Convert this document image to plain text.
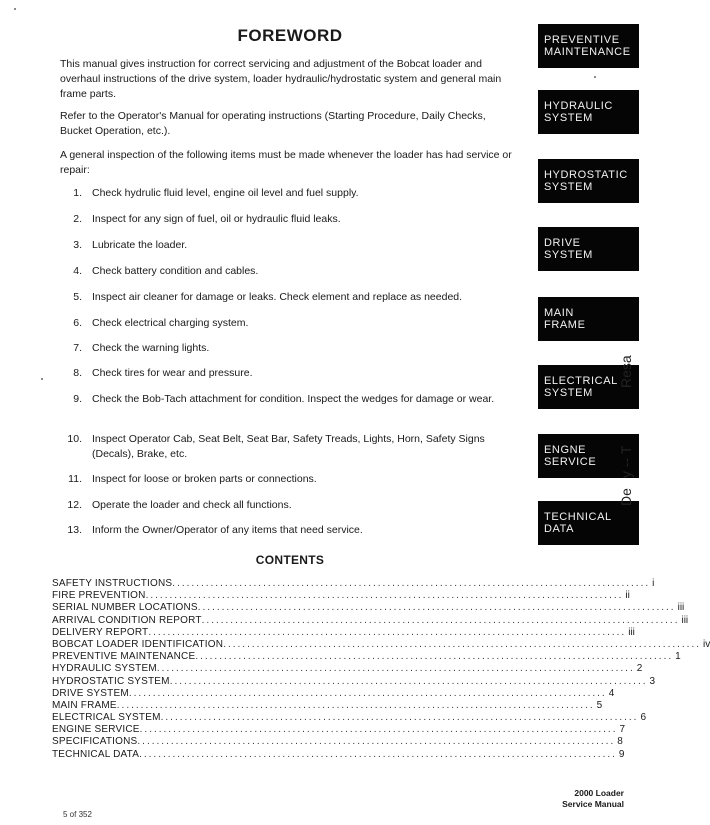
FOREWORD

This manual gives instruction for correct servicing and adjustment of the Bobcat loader and overhaul instructions of the drive system, loader hydraulic/hydrostatic system and general main frame parts.

Refer to the Operator's Manual for operating instructions (Starting Procedure, Daily Checks, Bucket Operation, etc.).

A general inspection of the following items must be made whenever the loader has had service or repair:

1. Check hydrulic fluid level, engine oil level and fuel supply.
2. Inspect for any sign of fuel, oil or hydraulic fluid leaks.
3. Lubricate the loader.
4. Check battery condition and cables.
5. Inspect air cleaner for damage or leaks. Check element and replace as needed.
6. Check electrical charging system.
7. Check the warning lights.
8. Check tires for wear and pressure.
9. Check the Bob-Tach attachment for condition. Inspect the wedges for damage or wear.
10. Inspect Operator Cab, Seat Belt, Seat Bar, Safety Treads, Lights, Horn, Safety Signs (Decals), Brake, etc.
11. Inspect for loose or broken parts or connections.
12. Operate the loader and check all functions.
13. Inform the Owner/Operator of any items that need service.
CONTENTS
SAFETY INSTRUCTIONS .................................................................................................... i
FIRE PREVENTION .................................................................................................... ii
SERIAL NUMBER LOCATIONS .................................................................................................... iii
ARRIVAL CONDITION REPORT .................................................................................................... iii
DELIVERY REPORT .................................................................................................... iii
BOBCAT LOADER IDENTIFICATION .................................................................................................... iv
PREVENTIVE MAINTENANCE .................................................................................................... 1
HYDRAULIC SYSTEM .................................................................................................... 2
HYDROSTATIC SYSTEM .................................................................................................... 3
DRIVE SYSTEM .................................................................................................... 4
MAIN FRAME .................................................................................................... 5
ELECTRICAL SYSTEM .................................................................................................... 6
ENGINE SERVICE .................................................................................................... 7
SPECIFICATIONS .................................................................................................... 8
TECHNICAL DATA .................................................................................................... 9
PREVENTIVE
MAINTENANCE
HYDRAULIC
SYSTEM
HYDROSTATIC
SYSTEM
DRIVE
SYSTEM
MAIN
FRAME
ELECTRICAL
SYSTEM
ENGNE
SERVICE
TECHNICAL
DATA
Resa
y -- T
De
5 of 352
2000 Loader
Service Manual
